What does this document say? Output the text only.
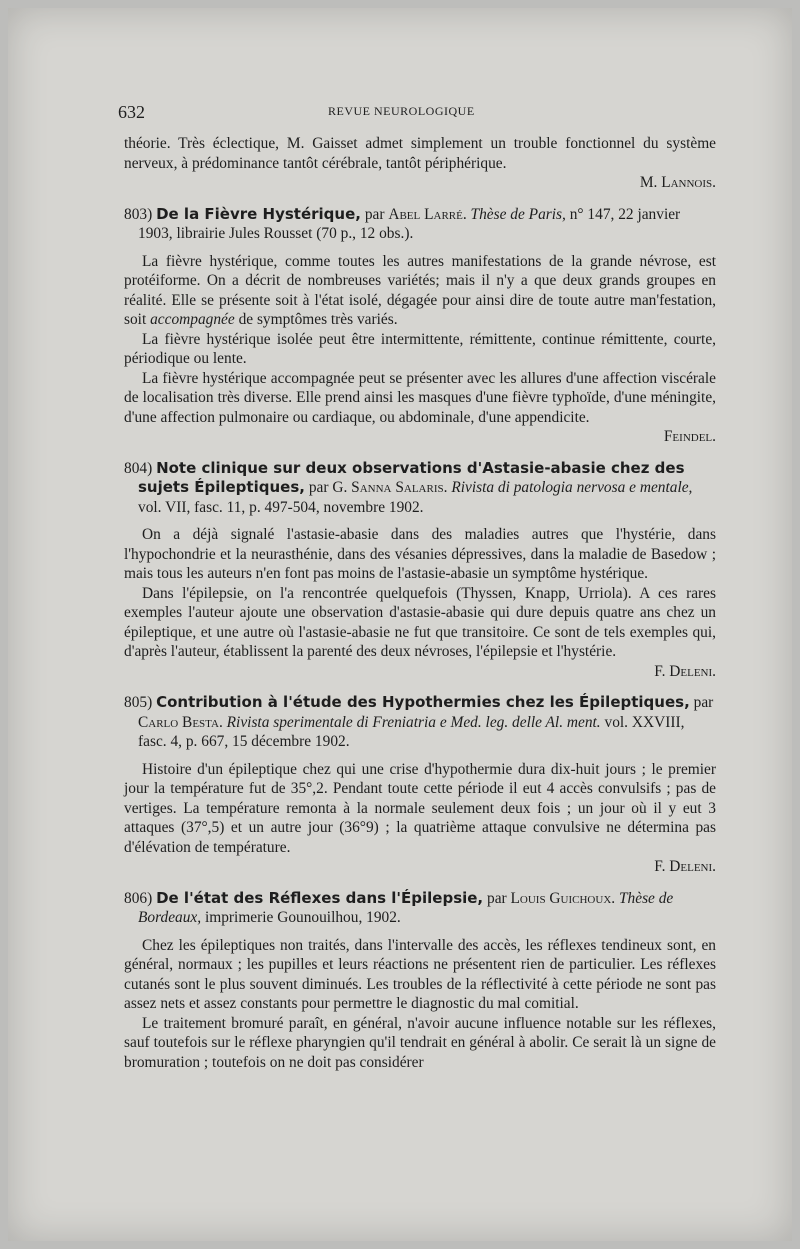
632	REVUE NEUROLOGIQUE

théorie. Très éclectique, M. Gaisset admet simplement un trouble fonctionnel du système nerveux, à prédominance tantôt cérébrale, tantôt périphérique.

M. Lannois.

803) De la Fièvre Hystérique, par Abel Larré. Thèse de Paris, n° 147, 22 janvier 1903, librairie Jules Rousset (70 p., 12 obs.).

La fièvre hystérique, comme toutes les autres manifestations de la grande névrose, est protéiforme. On a décrit de nombreuses variétés; mais il n'y a que deux grands groupes en réalité. Elle se présente soit à l'état isolé, dégagée pour ainsi dire de toute autre man'festation, soit accompagnée de symptômes très variés.

La fièvre hystérique isolée peut être intermittente, rémittente, continue rémittente, courte, périodique ou lente.

La fièvre hystérique accompagnée peut se présenter avec les allures d'une affection viscérale de localisation très diverse. Elle prend ainsi les masques d'une fièvre typhoïde, d'une méningite, d'une affection pulmonaire ou cardiaque, ou abdominale, d'une appendicite.

Feindel.

804) Note clinique sur deux observations d'Astasie-abasie chez des sujets Épileptiques, par G. Sanna Salaris. Rivista di patologia nervosa e mentale, vol. VII, fasc. 11, p. 497-504, novembre 1902.

On a déjà signalé l'astasie-abasie dans des maladies autres que l'hystérie, dans l'hypochondrie et la neurasthénie, dans des vésanies dépressives, dans la maladie de Basedow ; mais tous les auteurs n'en font pas moins de l'astasie-abasie un symptôme hystérique.

Dans l'épilepsie, on l'a rencontrée quelquefois (Thyssen, Knapp, Urriola). A ces rares exemples l'auteur ajoute une observation d'astasie-abasie qui dure depuis quatre ans chez un épileptique, et une autre où l'astasie-abasie ne fut que transitoire. Ce sont de tels exemples qui, d'après l'auteur, établissent la parenté des deux névroses, l'épilepsie et l'hystérie.

F. Deleni.

805) Contribution à l'étude des Hypothermies chez les Épileptiques, par Carlo Besta. Rivista sperimentale di Freniatria e Med. leg. delle Al. ment. vol. XXVIII, fasc. 4, p. 667, 15 décembre 1902.

Histoire d'un épileptique chez qui une crise d'hypothermie dura dix-huit jours ; le premier jour la température fut de 35°,2. Pendant toute cette période il eut 4 accès convulsifs ; pas de vertiges. La température remonta à la normale seulement deux fois ; un jour où il y eut 3 attaques (37°,5) et un autre jour (36°9) ; la quatrième attaque convulsive ne détermina pas d'élévation de température.

F. Deleni.

806) De l'état des Réflexes dans l'Épilepsie, par Louis Guichoux. Thèse de Bordeaux, imprimerie Gounouilhou, 1902.

Chez les épileptiques non traités, dans l'intervalle des accès, les réflexes tendineux sont, en général, normaux ; les pupilles et leurs réactions ne présentent rien de particulier. Les réflexes cutanés sont le plus souvent diminués. Les troubles de la réflectivité à cette période ne sont pas assez nets et assez constants pour permettre le diagnostic du mal comitial.

Le traitement bromuré paraît, en général, n'avoir aucune influence notable sur les réflexes, sauf toutefois sur le réflexe pharyngien qu'il tendrait en général à abolir. Ce serait là un signe de bromuration ; toutefois on ne doit pas considérer
